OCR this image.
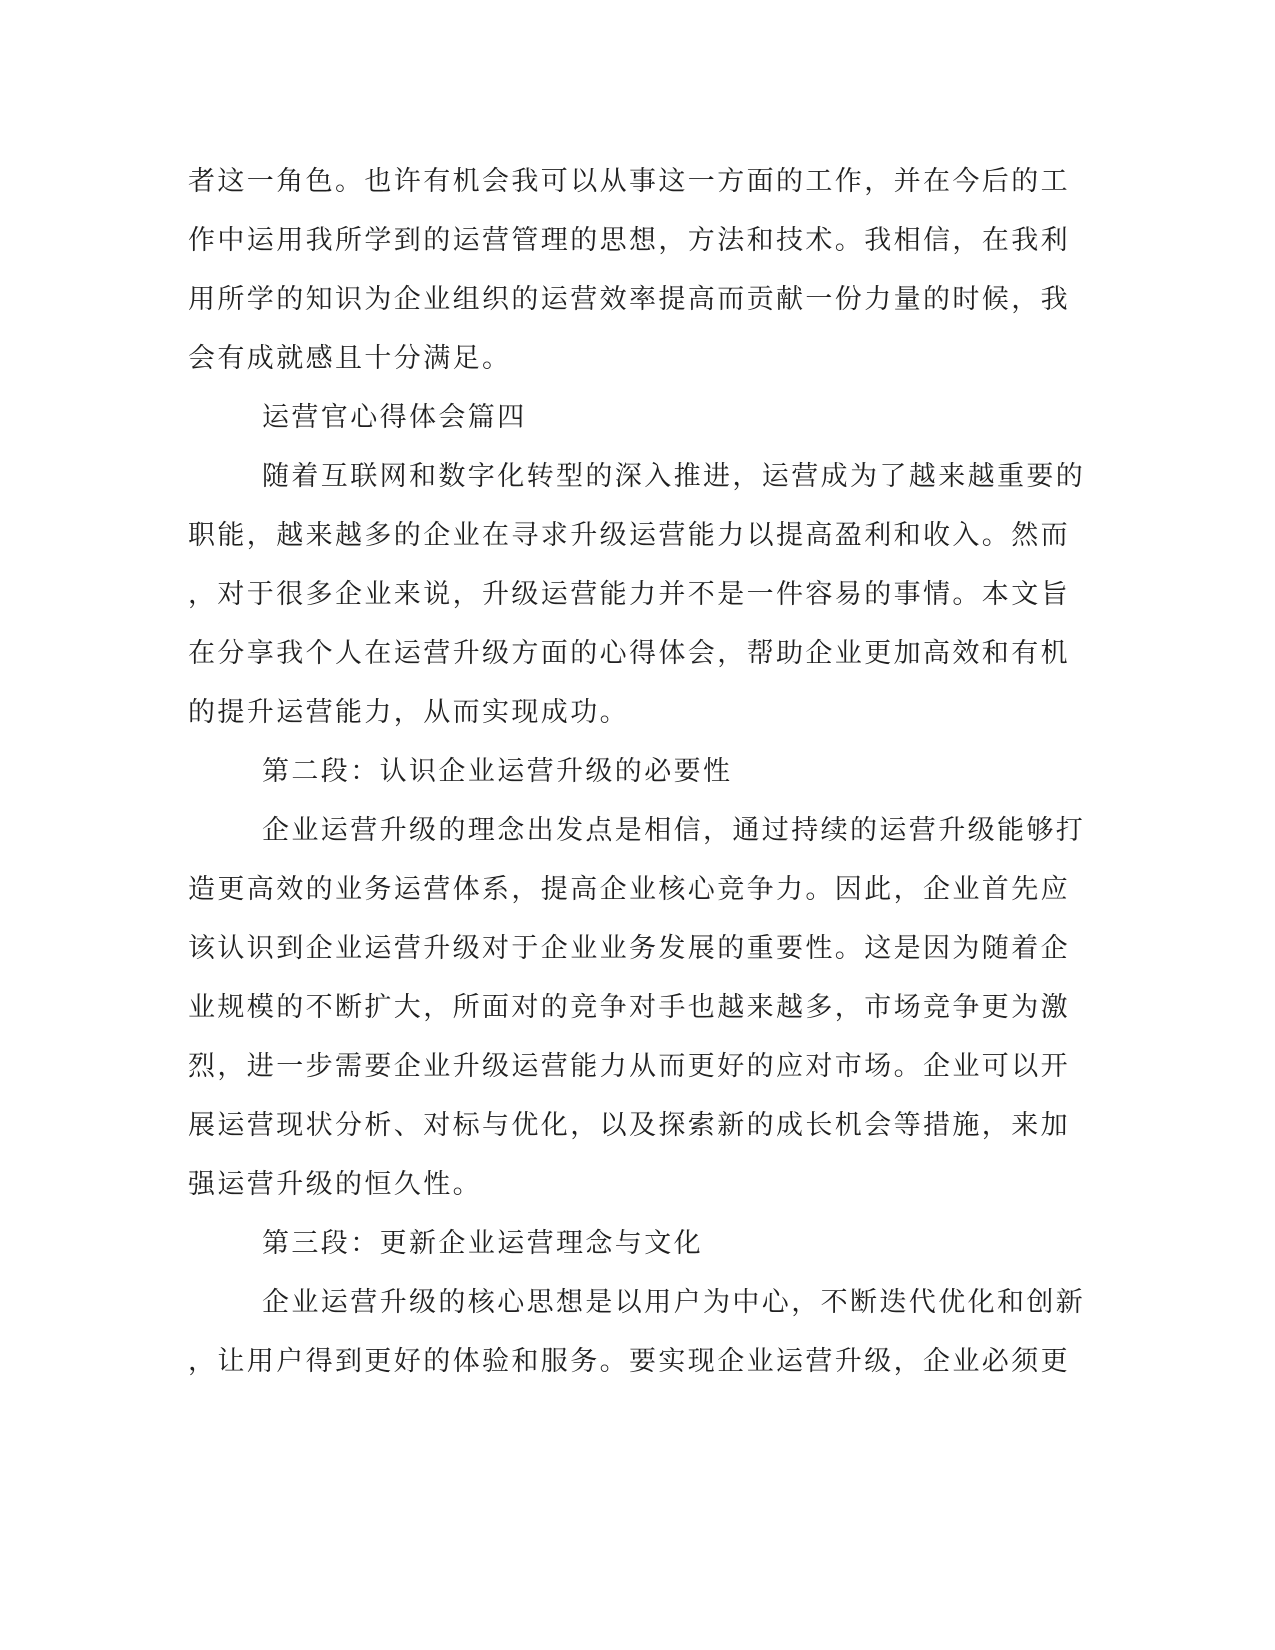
者这一角色。也许有机会我可以从事这一方面的工作，并在今后的工

作中运用我所学到的运营管理的思想，方法和技术。我相信，在我利

用所学的知识为企业组织的运营效率提高而贡献一份力量的时候，我

会有成就感且十分满足。

运营官心得体会篇四

随着互联网和数字化转型的深入推进，运营成为了越来越重要的

职能，越来越多的企业在寻求升级运营能力以提高盈利和收入。然而

，对于很多企业来说，升级运营能力并不是一件容易的事情。本文旨

在分享我个人在运营升级方面的心得体会，帮助企业更加高效和有机

的提升运营能力，从而实现成功。

第二段：认识企业运营升级的必要性

企业运营升级的理念出发点是相信，通过持续的运营升级能够打

造更高效的业务运营体系，提高企业核心竞争力。因此，企业首先应

该认识到企业运营升级对于企业业务发展的重要性。这是因为随着企

业规模的不断扩大，所面对的竞争对手也越来越多，市场竞争更为激

烈，进一步需要企业升级运营能力从而更好的应对市场。企业可以开

展运营现状分析、对标与优化，以及探索新的成长机会等措施，来加

强运营升级的恒久性。

第三段：更新企业运营理念与文化

企业运营升级的核心思想是以用户为中心，不断迭代优化和创新

，让用户得到更好的体验和服务。要实现企业运营升级，企业必须更
